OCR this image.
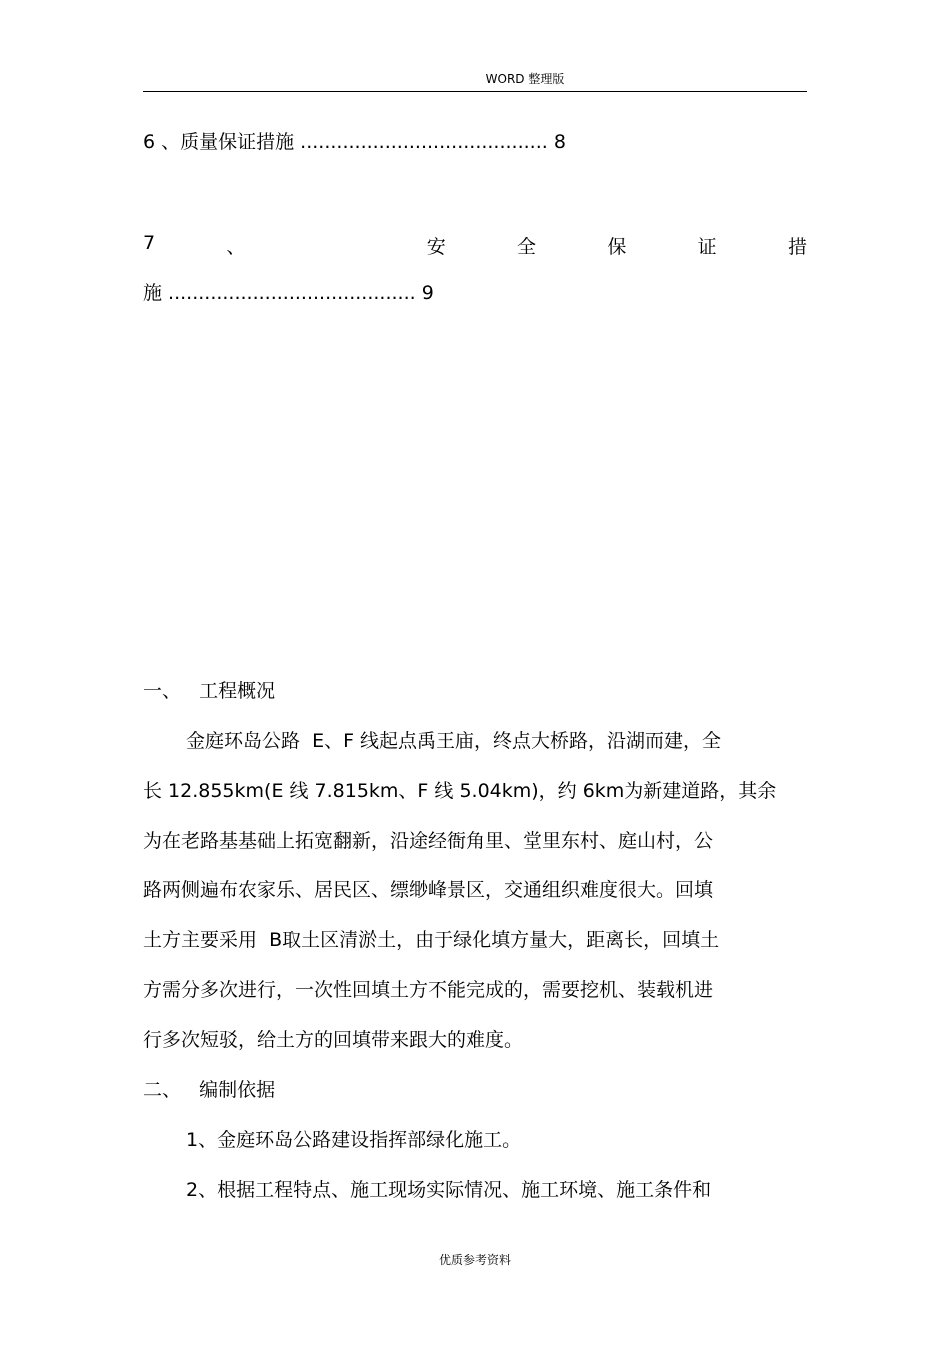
WORD 整理版
6 、质量保证措施 ......................................... 8
7	、	安	全	保	证	措
施 ......................................... 9
一、   工程概况
金庭环岛公路  E、F 线起点禹王庙，终点大桥路，沿湖而建，全
长 12.855km(E 线 7.815km、F 线 5.04km)，约 6km为新建道路，其余
为在老路基基础上拓宽翻新，沿途经衙角里、堂里东村、庭山村，公
路两侧遍布农家乐、居民区、缥缈峰景区，交通组织难度很大。回填
土方主要采用  B取土区清淤土，由于绿化填方量大，距离长，回填土
方需分多次进行，一次性回填土方不能完成的，需要挖机、装载机进
行多次短驳，给土方的回填带来跟大的难度。
二、   编制依据
1、金庭环岛公路建设指挥部绿化施工。
2、根据工程特点、施工现场实际情况、施工环境、施工条件和
优质参考资料
